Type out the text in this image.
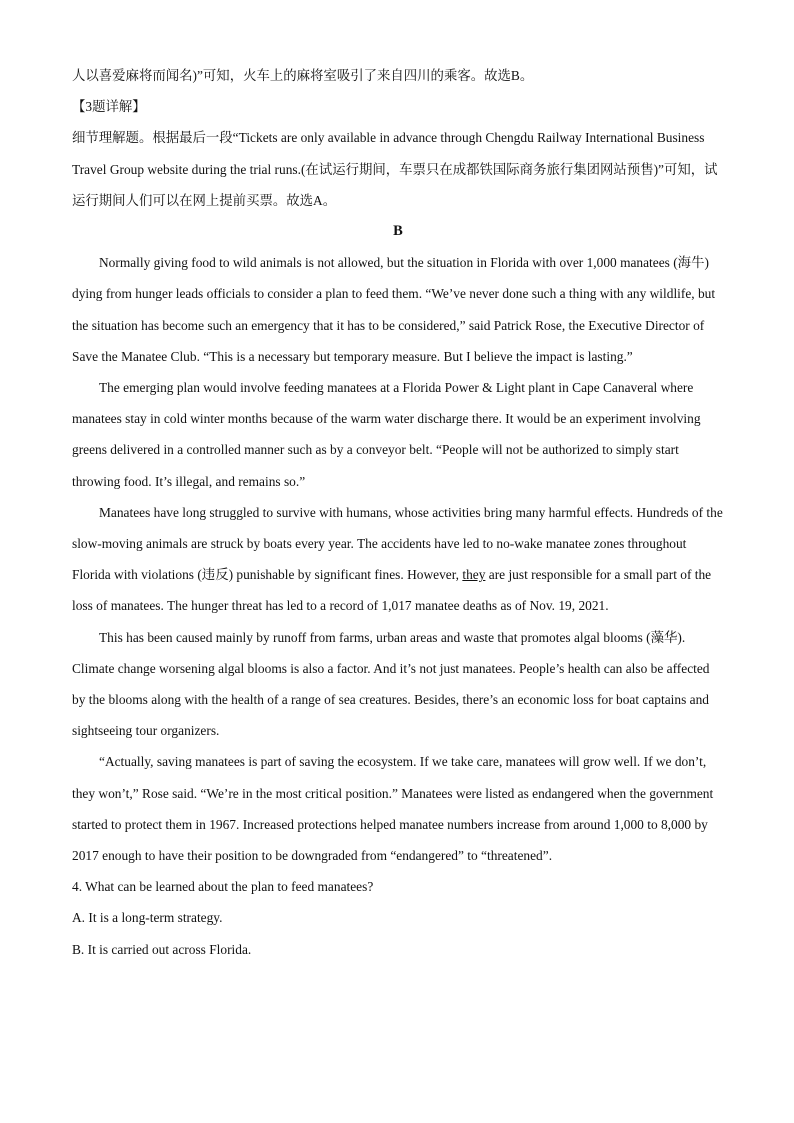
人以喜爱麻将而闻名)”可知，火车上的麻将室吸引了来自四川的乘客。故选B。

【3题详解】

细节理解题。根据最后一段“Tickets are only available in advance through Chengdu Railway International Business Travel Group website during the trial runs.(在试运行期间，车票只在成都铁国际商务旅行集团网站预售)”可知，试运行期间人们可以在网上提前买票。故选A。

B

Normally giving food to wild animals is not allowed, but the situation in Florida with over 1,000 manatees (海牛) dying from hunger leads officials to consider a plan to feed them. “We’ve never done such a thing with any wildlife, but the situation has become such an emergency that it has to be considered,” said Patrick Rose, the Executive Director of Save the Manatee Club. “This is a necessary but temporary measure. But I believe the impact is lasting.”

The emerging plan would involve feeding manatees at a Florida Power & Light plant in Cape Canaveral where manatees stay in cold winter months because of the warm water discharge there. It would be an experiment involving greens delivered in a controlled manner such as by a conveyor belt. “People will not be authorized to simply start throwing food. It’s illegal, and remains so.”

Manatees have long struggled to survive with humans, whose activities bring many harmful effects. Hundreds of the slow-moving animals are struck by boats every year. The accidents have led to no-wake manatee zones throughout Florida with violations (违反) punishable by significant fines. However, they are just responsible for a small part of the loss of manatees. The hunger threat has led to a record of 1,017 manatee deaths as of Nov. 19, 2021.

This has been caused mainly by runoff from farms, urban areas and waste that promotes algal blooms (藻华). Climate change worsening algal blooms is also a factor. And it’s not just manatees. People’s health can also be affected by the blooms along with the health of a range of sea creatures. Besides, there’s an economic loss for boat captains and sightseeing tour organizers.

“Actually, saving manatees is part of saving the ecosystem. If we take care, manatees will grow well. If we don’t, they won’t,” Rose said. “We’re in the most critical position.” Manatees were listed as endangered when the government started to protect them in 1967. Increased protections helped manatee numbers increase from around 1,000 to 8,000 by 2017 enough to have their position to be downgraded from “endangered” to “threatened”.

4. What can be learned about the plan to feed manatees?

A. It is a long-term strategy.

B. It is carried out across Florida.
